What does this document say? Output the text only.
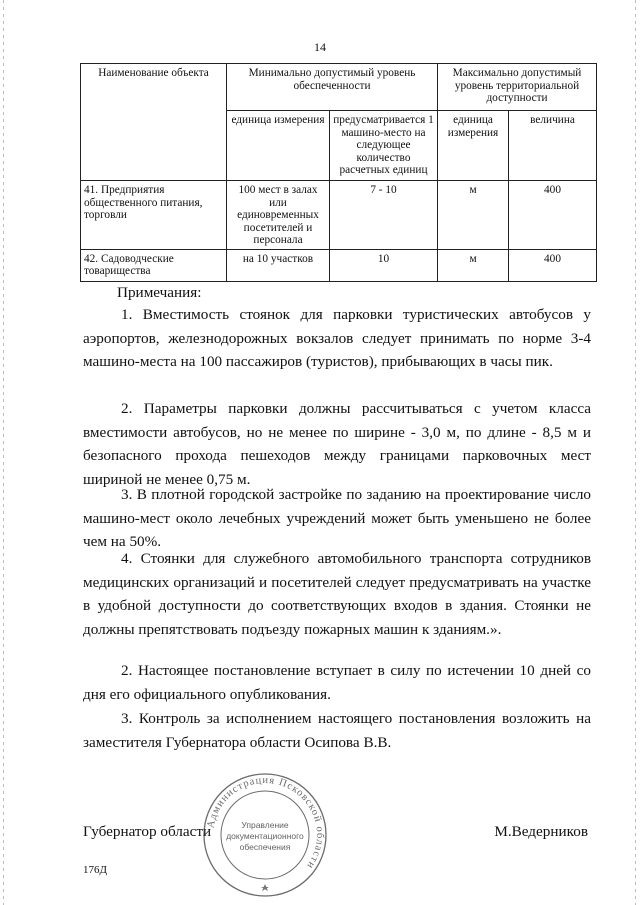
14
Наименование объекта	Минимально допустимый уровень обеспеченности		Максимально допустимый уровень территориальной доступности	
	единица измерения	предусматривается 1 машино-место на следующее количество расчетных единиц	единица измерения	величина
41. Предприятия общественного питания, торговли	100 мест в залах или единовременных посетителей и персонала	7 - 10	м	400
42. Садоводческие товарищества	на 10 участков	10	м	400
Примечания:

1. Вместимость стоянок для парковки туристических автобусов у аэропортов, железнодорожных вокзалов следует принимать по норме 3-4 машино-места на 100 пассажиров (туристов), прибывающих в часы пик.

2. Параметры парковки должны рассчитываться с учетом класса вместимости автобусов, но не менее по ширине - 3,0 м, по длине - 8,5 м и безопасного прохода пешеходов между границами парковочных мест шириной не менее 0,75 м.

3. В плотной городской застройке по заданию на проектирование число машино-мест около лечебных учреждений может быть уменьшено не более чем на 50%.

4. Стоянки для служебного автомобильного транспорта сотрудников медицинских организаций и посетителей следует предусматривать на участке в удобной доступности до соответствующих входов в здания. Стоянки не должны препятствовать подъезду пожарных машин к зданиям.».

2. Настоящее постановление вступает в силу по истечении 10 дней со дня его официального опубликования.

3. Контроль за исполнением настоящего постановления возложить на заместителя Губернатора области Осипова В.В.

Губернатор области	М.Ведерников
Администрация Псковской области
Управление
документационного
обеспечения
176Д
